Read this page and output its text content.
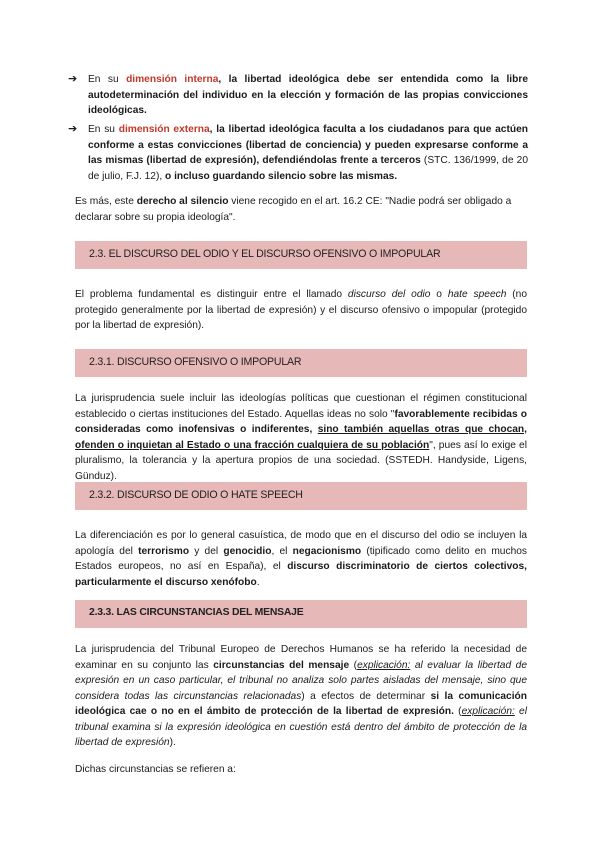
➔ En su dimensión interna, la libertad ideológica debe ser entendida como la libre autodeterminación del individuo en la elección y formación de las propias convicciones ideológicas.

➔ En su dimensión externa, la libertad ideológica faculta a los ciudadanos para que actúen conforme a estas convicciones (libertad de conciencia) y pueden expresarse conforme a las mismas (libertad de expresión), defendiéndolas frente a terceros (STC. 136/1999, de 20 de julio, F.J. 12), o incluso guardando silencio sobre las mismas.

Es más, este derecho al silencio viene recogido en el art. 16.2 CE: "Nadie podrá ser obligado a declarar sobre su propia ideología".

2.3. EL DISCURSO DEL ODIO Y EL DISCURSO OFENSIVO O IMPOPULAR

El problema fundamental es distinguir entre el llamado discurso del odio o hate speech (no protegido generalmente por la libertad de expresión) y el discurso ofensivo o impopular (protegido por la libertad de expresión).

2.3.1. DISCURSO OFENSIVO O IMPOPULAR

La jurisprudencia suele incluir las ideologías políticas que cuestionan el régimen constitucional establecido o ciertas instituciones del Estado. Aquellas ideas no solo "favorablemente recibidas o consideradas como inofensivas o indiferentes, sino también aquellas otras que chocan, ofenden o inquietan al Estado o una fracción cualquiera de su población", pues así lo exige el pluralismo, la tolerancia y la apertura propios de una sociedad. (SSTEDH. Handyside, Ligens, Günduz).

2.3.2. DISCURSO DE ODIO O HATE SPEECH

La diferenciación es por lo general casuística, de modo que en el discurso del odio se incluyen la apología del terrorismo y del genocidio, el negacionismo (tipificado como delito en muchos Estados europeos, no así en España), el discurso discriminatorio de ciertos colectivos, particularmente el discurso xenófobo.

2.3.3. LAS CIRCUNSTANCIAS DEL MENSAJE

La jurisprudencia del Tribunal Europeo de Derechos Humanos se ha referido la necesidad de examinar en su conjunto las circunstancias del mensaje (explicación: al evaluar la libertad de expresión en un caso particular, el tribunal no analiza solo partes aisladas del mensaje, sino que considera todas las circunstancias relacionadas) a efectos de determinar si la comunicación ideológica cae o no en el ámbito de protección de la libertad de expresión. (explicación: el tribunal examina si la expresión ideológica en cuestión está dentro del ámbito de protección de la libertad de expresión).

Dichas circunstancias se refieren a:
